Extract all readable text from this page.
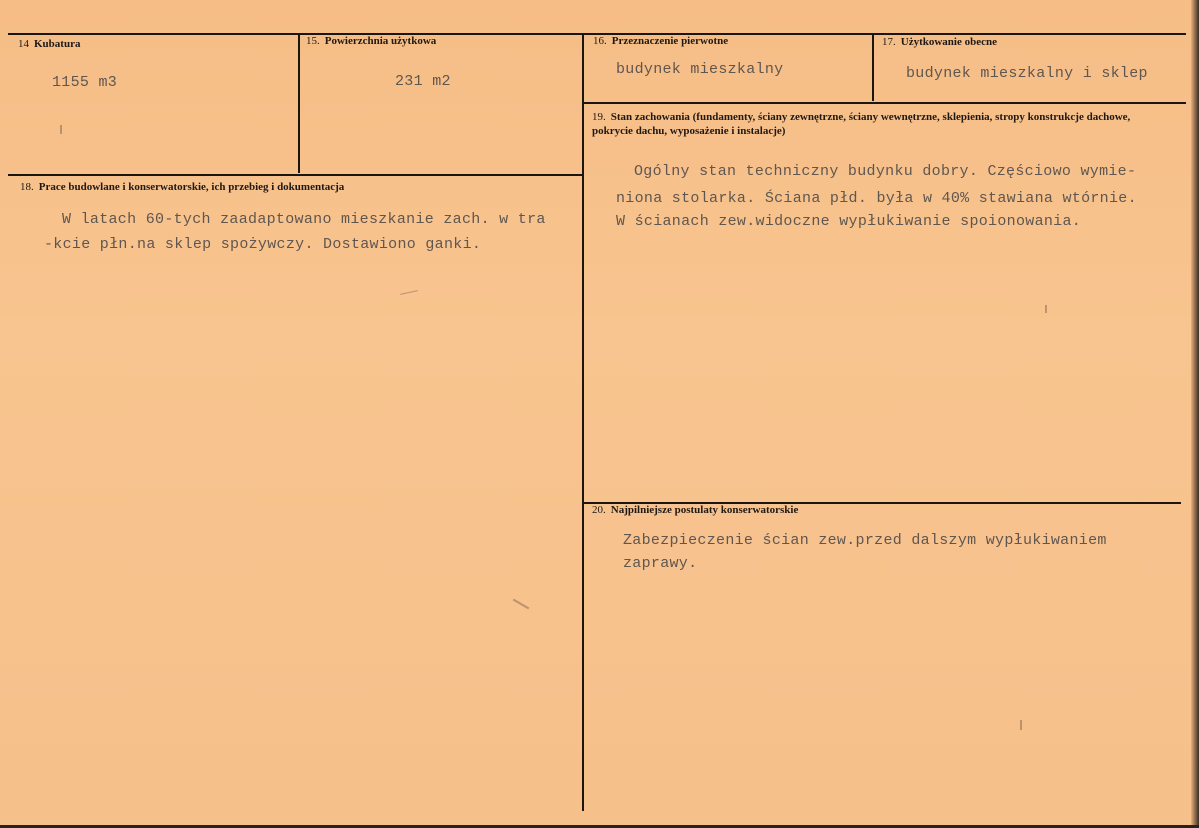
14 Kubatura
1155 m3
15. Powierzchnia użytkowa
231 m2
16. Przeznaczenie pierwotne
budynek mieszkalny
17. Użytkowanie obecne
budynek mieszkalny i sklep
19. Stan zachowania (fundamenty, ściany zewnętrzne, ściany wewnętrzne, sklepienia, stropy konstrukcje dachowe, pokrycie dachu, wyposażenie i instalacje)
Ogólny stan techniczny budynku dobry. Częściowo wymie-
niona stolarka. Ściana płd. była w 40% stawiana wtórnie.
W ścianach zew.widoczne wypłukiwanie spoionowania.
18. Prace budowlane i konserwatorskie, ich przebieg i dokumentacja
W latach 60-tych zaadaptowano mieszkanie zach. w tra
-kcie płn.na sklep spożywczy. Dostawiono ganki.
20. Najpilniejsze postulaty konserwatorskie
Zabezpieczenie ścian zew.przed dalszym wypłukiwaniem
zaprawy.
